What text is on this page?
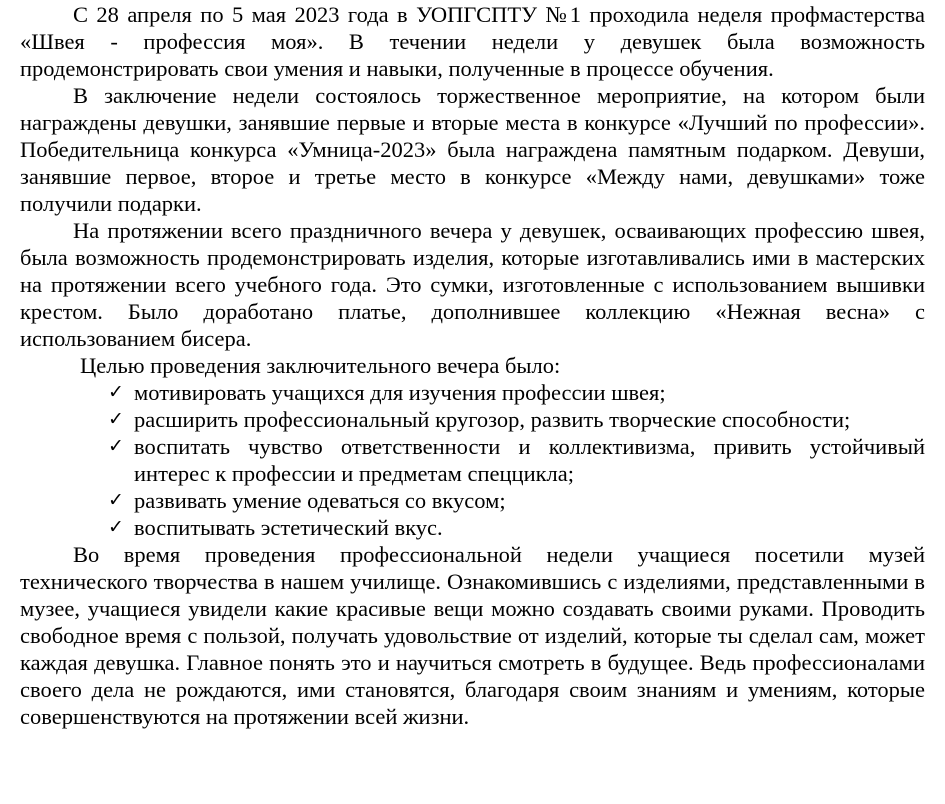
С 28 апреля по 5 мая 2023 года в УОПГСПТУ №1 проходила неделя профмастерства «Швея - профессия моя». В течении недели у девушек была возможность продемонстрировать свои умения и навыки, полученные в процессе обучения.

В заключение недели состоялось торжественное мероприятие, на котором были награждены девушки, занявшие первые и вторые места в конкурсе «Лучший по профессии». Победительница конкурса «Умница-2023» была награждена памятным подарком. Девуши, занявшие первое, второе и третье место в конкурсе «Между нами, девушками» тоже получили подарки.

На протяжении всего праздничного вечера у девушек, осваивающих профессию швея, была возможность продемонстрировать изделия, которые изготавливались ими в мастерских на протяжении всего учебного года. Это сумки, изготовленные с использованием вышивки крестом. Было доработано платье, дополнившее коллекцию «Нежная весна» с использованием бисера.

Целью проведения заключительного вечера было:

✓ мотивировать учащихся для изучения профессии швея;
✓ расширить профессиональный кругозор, развить творческие способности;
✓ воспитать чувство ответственности и коллективизма, привить устойчивый интерес к профессии и предметам спеццикла;
✓ развивать умение одеваться со вкусом;
✓ воспитывать эстетический вкус.

Во время проведения профессиональной недели учащиеся посетили музей технического творчества в нашем училище. Ознакомившись с изделиями, представленными в музее, учащиеся увидели какие красивые вещи можно создавать своими руками. Проводить свободное время с пользой, получать удовольствие от изделий, которые ты сделал сам, может каждая девушка. Главное понять это и научиться смотреть в будущее. Ведь профессионалами своего дела не рождаются, ими становятся, благодаря своим знаниям и умениям, которые совершенствуются на протяжении всей жизни.
